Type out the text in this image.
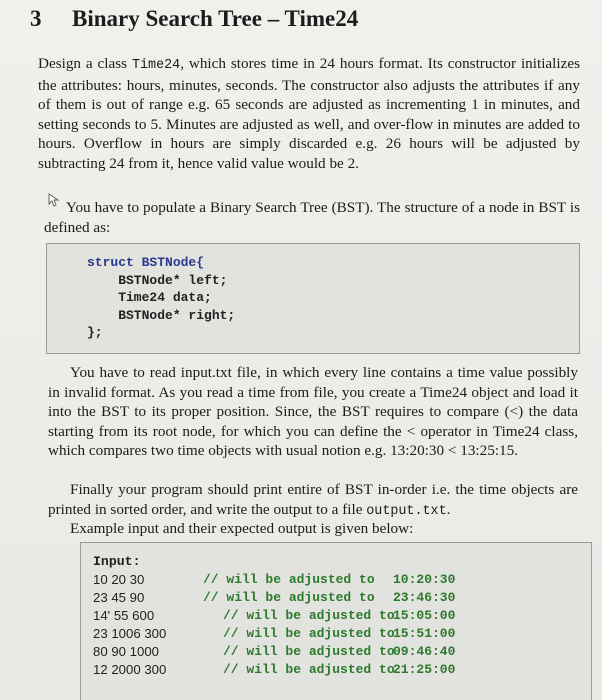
3 Binary Search Tree – Time24

Design a class Time24, which stores time in 24 hours format. Its constructor initializes the attributes: hours, minutes, seconds. The constructor also adjusts the attributes if any of them is out of range e.g. 65 seconds are adjusted as incrementing 1 in minutes, and setting seconds to 5. Minutes are adjusted as well, and over-flow in minutes are added to hours. Overflow in hours are simply discarded e.g. 26 hours will be adjusted by subtracting 24 from it, hence valid value would be 2.

You have to populate a Binary Search Tree (BST). The structure of a node in BST is defined as:

struct BSTNode{
BSTNode* left;
Time24 data;
BSTNode* right;
};

You have to read input.txt file, in which every line contains a time value possibly in invalid format. As you read a time from file, you create a Time24 object and load it into the BST to its proper position. Since, the BST requires to compare (<) the data starting from its root node, for which you can define the < operator in Time24 class, which compares two time objects with usual notion e.g. 13:20:30 < 13:25:15.

Finally your program should print entire of BST in-order i.e. the time objects are printed in sorted order, and write the output to a file output.txt.

Example input and their expected output is given below:

Input:
10 20 30
23 45 90
14' 55 600
23 1006 300
80 90 1000
12 2000 300
// will be adjusted to
// will be adjusted to
// will be adjusted to
// will be adjusted to
// will be adjusted to
// will be adjusted to
10:20:30
23:46:30
15:05:00
15:51:00
09:46:40
21:25:00
